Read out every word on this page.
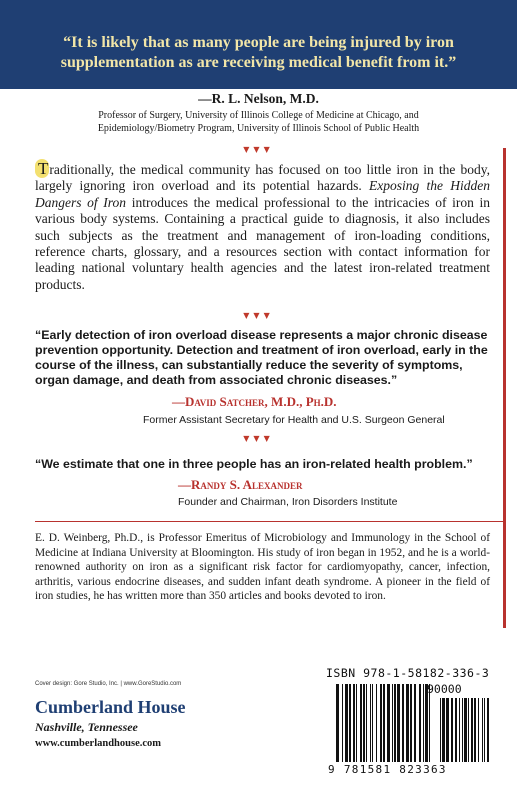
“It is likely that as many people are being injured by iron supplementation as are receiving medical benefit from it.”
—R. L. Nelson, M.D.
Professor of Surgery, University of Illinois College of Medicine at Chicago, and
Epidemiology/Biometry Program, University of Illinois School of Public Health
▼▼▼
Traditionally, the medical community has focused on too little iron in the body, largely ignoring iron overload and its potential hazards. Exposing the Hidden Dangers of Iron introduces the medical professional to the intricacies of iron in various body systems. Containing a practical guide to diagnosis, it also includes such subjects as the treatment and management of iron-loading conditions, reference charts, glossary, and a resources section with contact information for leading national voluntary health agencies and the latest iron-related treatment products.
▼▼▼
“Early detection of iron overload disease represents a major chronic disease prevention opportunity. Detection and treatment of iron overload, early in the course of the illness, can substantially reduce the severity of symptoms, organ damage, and death from associated chronic diseases.”
—David Satcher, M.D., Ph.D.
Former Assistant Secretary for Health and U.S. Surgeon General
▼▼▼
“We estimate that one in three people has an iron-related health problem.”
—Randy S. Alexander
Founder and Chairman, Iron Disorders Institute
E. D. Weinberg, Ph.D., is Professor Emeritus of Microbiology and Immunology in the School of Medicine at Indiana University at Bloomington. His study of iron began in 1952, and he is a world-renowned authority on iron as a significant risk factor for cardiomyopathy, cancer, infection, arthritis, various endocrine diseases, and sudden infant death syndrome. A pioneer in the field of iron studies, he has written more than 350 articles and books devoted to iron.
Cover design: Gore Studio, Inc. | www.GoreStudio.com
Cumberland House
Nashville, Tennessee
www.cumberlandhouse.com
ISBN 978-1-58182-336-3
90000
9 781581 823363
